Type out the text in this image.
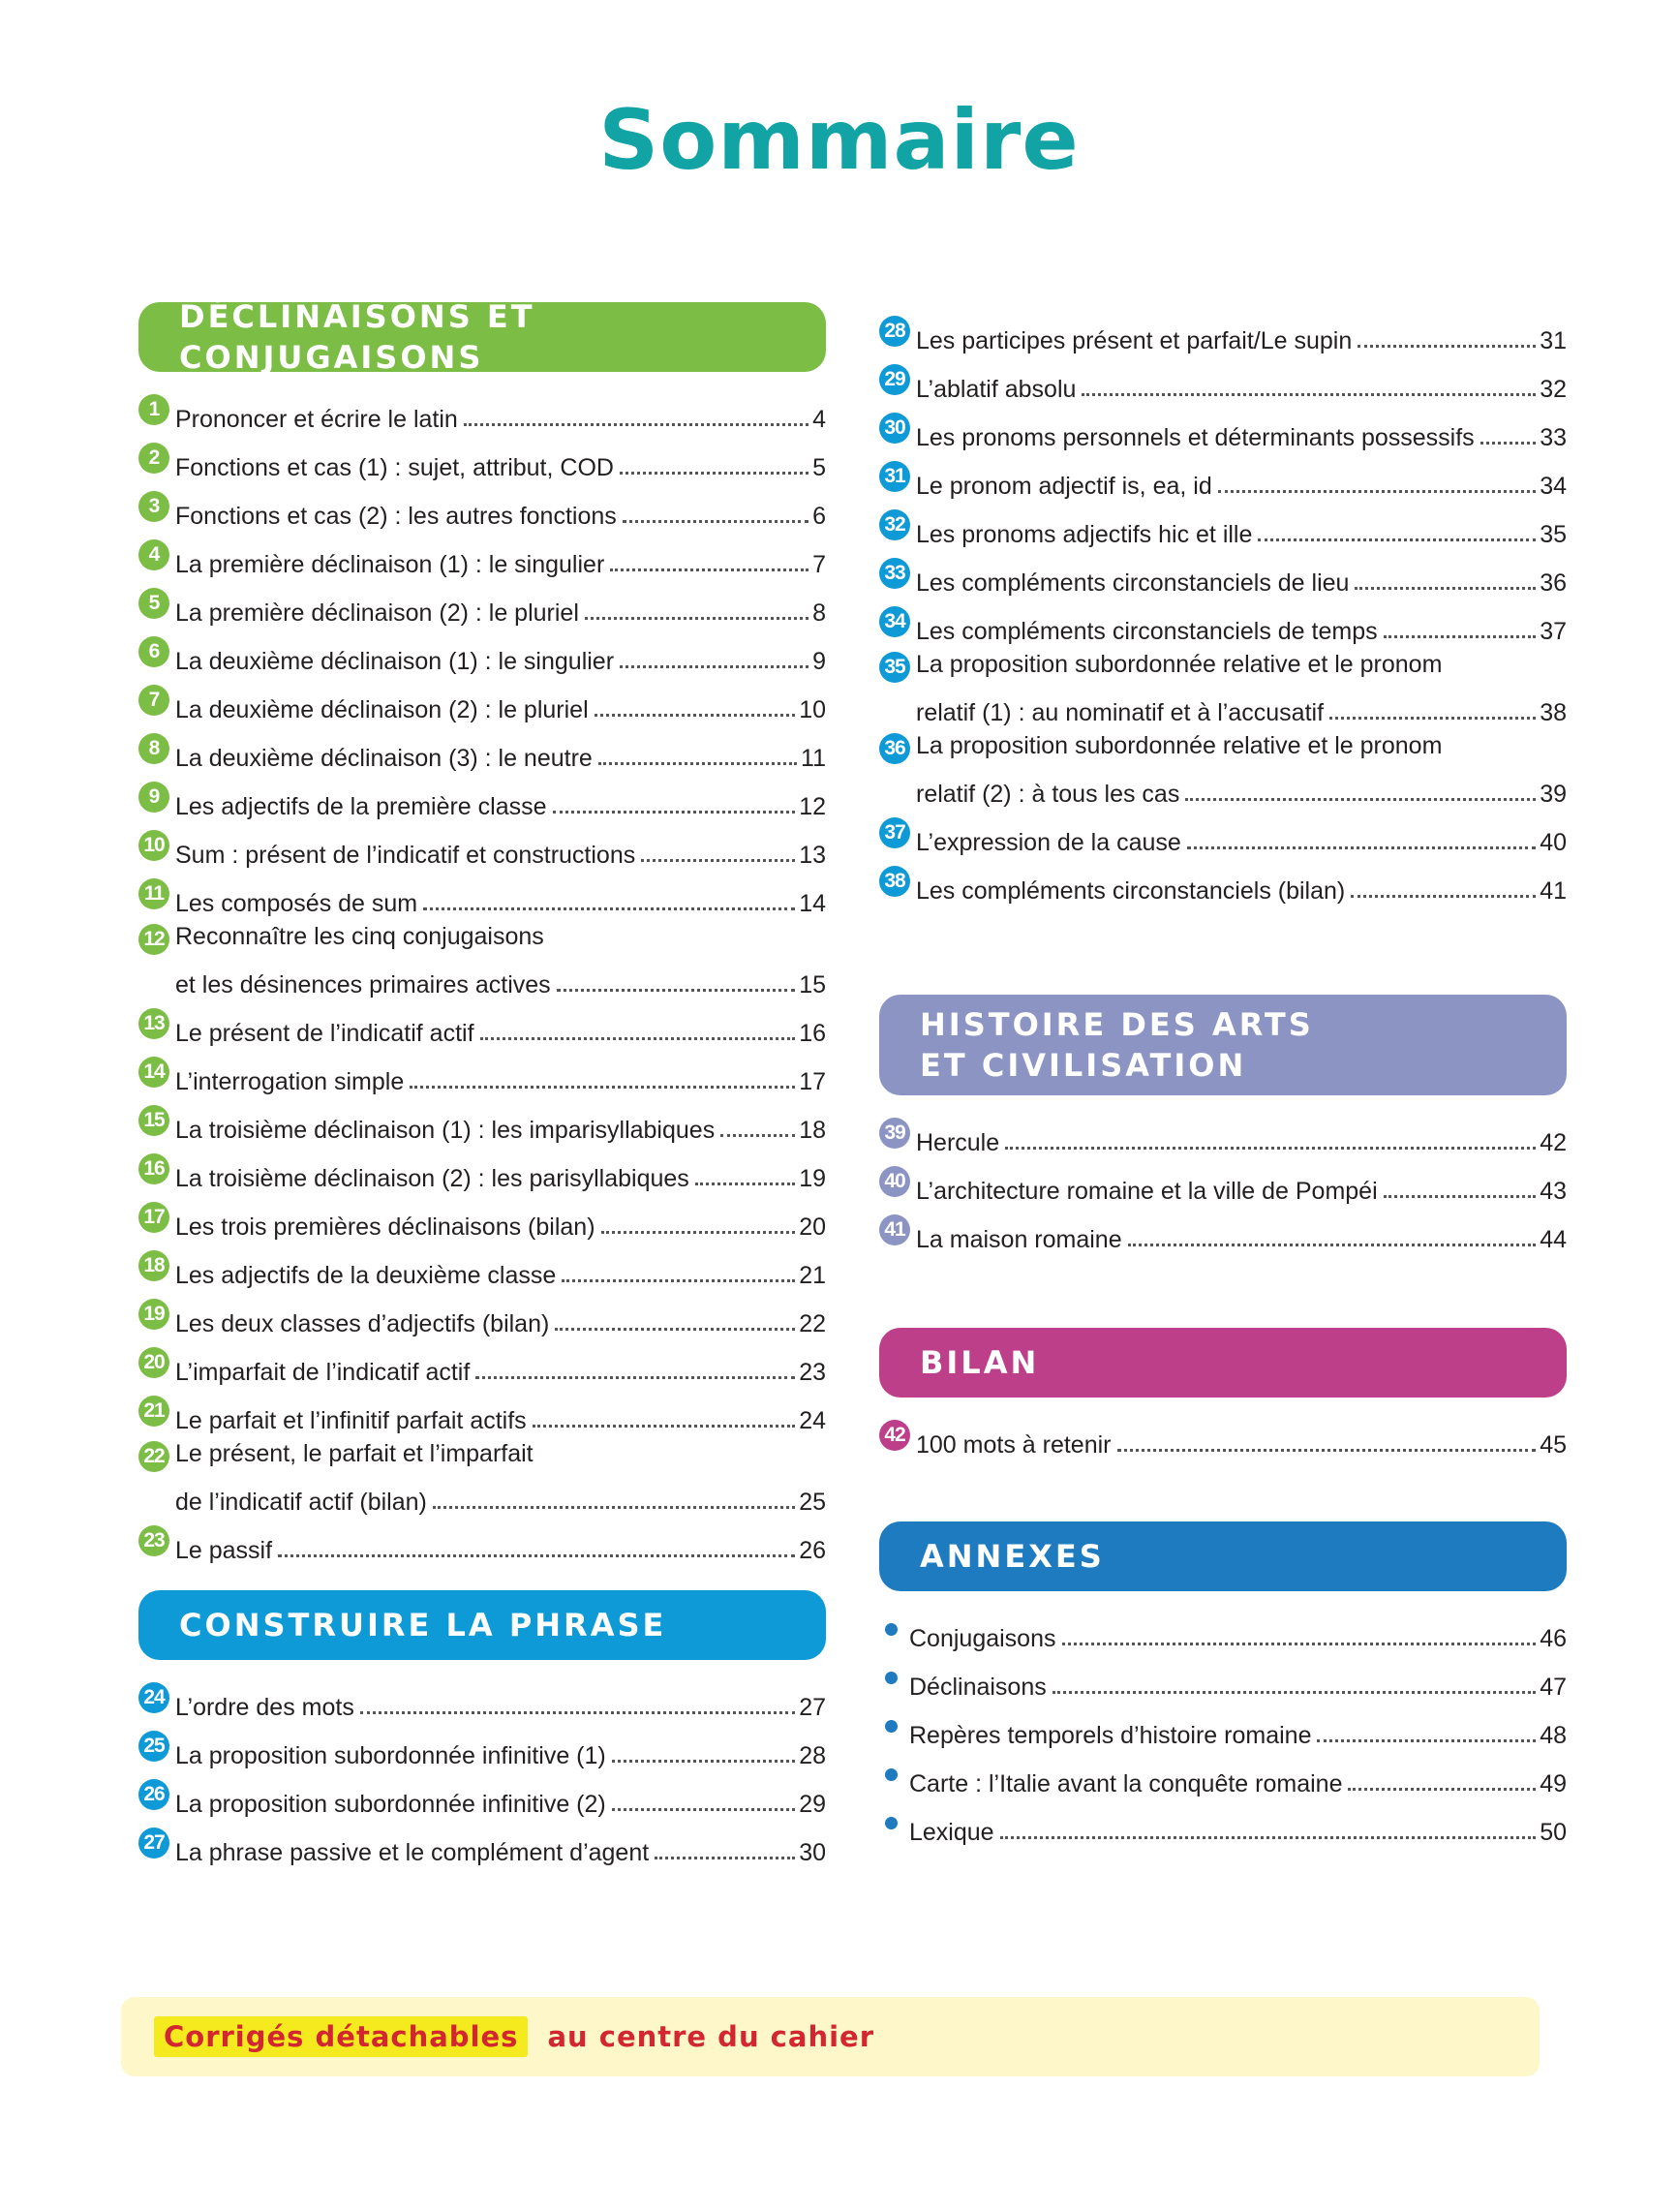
Sommaire
DÉCLINAISONS ET CONJUGAISONS
1 Prononcer et écrire le latin	4
2 Fonctions et cas (1) : sujet, attribut, COD	5
3 Fonctions et cas (2) : les autres fonctions	6
4 La première déclinaison (1) : le singulier	7
5 La première déclinaison (2) : le pluriel	8
6 La deuxième déclinaison (1) : le singulier	9
7 La deuxième déclinaison (2) : le pluriel	10
8 La deuxième déclinaison (3) : le neutre	11
9 Les adjectifs de la première classe	12
10 Sum : présent de l’indicatif et constructions	13
11 Les composés de sum	14
12 Reconnaître les cinq conjugaisons
et les désinences primaires actives	15
13 Le présent de l’indicatif actif	16
14 L’interrogation simple	17
15 La troisième déclinaison (1) : les imparisyllabiques	18
16 La troisième déclinaison (2) : les parisyllabiques	19
17 Les trois premières déclinaisons (bilan)	20
18 Les adjectifs de la deuxième classe	21
19 Les deux classes d’adjectifs (bilan)	22
20 L’imparfait de l’indicatif actif	23
21 Le parfait et l’infinitif parfait actifs	24
22 Le présent, le parfait et l’imparfait
de l’indicatif actif (bilan)	25
23 Le passif	26
CONSTRUIRE LA PHRASE
24 L’ordre des mots	27
25 La proposition subordonnée infinitive (1)	28
26 La proposition subordonnée infinitive (2)	29
27 La phrase passive et le complément d’agent	30
28 Les participes présent et parfait/Le supin	31
29 L’ablatif absolu	32
30 Les pronoms personnels et déterminants possessifs	33
31 Le pronom adjectif is, ea, id	34
32 Les pronoms adjectifs hic et ille	35
33 Les compléments circonstanciels de lieu	36
34 Les compléments circonstanciels de temps	37
35 La proposition subordonnée relative et le pronom
relatif (1) : au nominatif et à l’accusatif	38
36 La proposition subordonnée relative et le pronom
relatif (2) : à tous les cas	39
37 L’expression de la cause	40
38 Les compléments circonstanciels (bilan)	41
HISTOIRE DES ARTS
ET CIVILISATION
39 Hercule	42
40 L’architecture romaine et la ville de Pompéi	43
41 La maison romaine	44
BILAN
42 100 mots à retenir	45
ANNEXES
Conjugaisons	46
Déclinaisons	47
Repères temporels d’histoire romaine	48
Carte : l’Italie avant la conquête romaine	49
Lexique	50
Corrigés détachables	au centre du cahier
